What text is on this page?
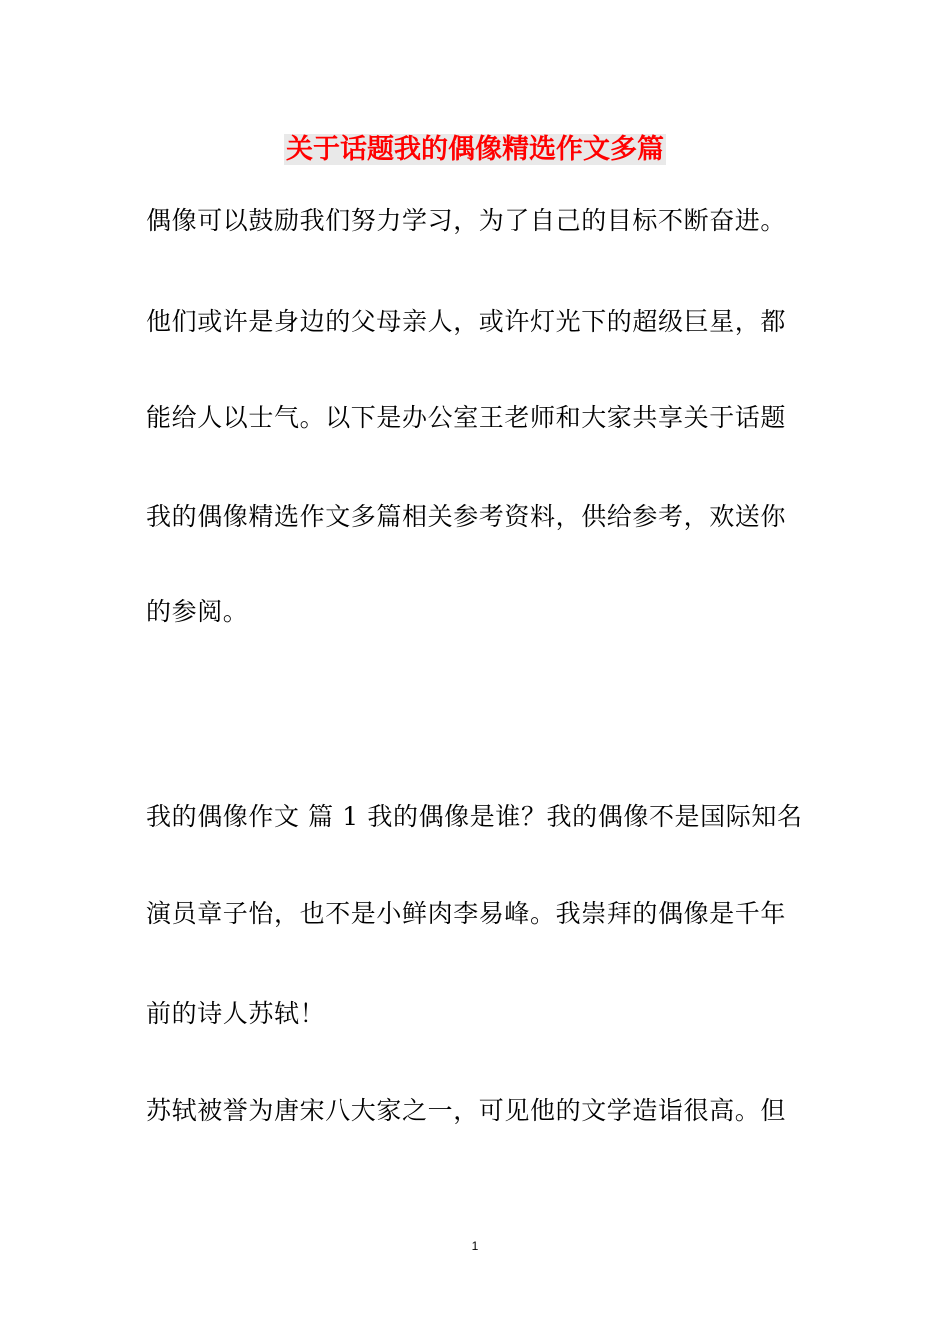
关于话题我的偶像精选作文多篇
偶像可以鼓励我们努力学习，为了自己的目标不断奋进。
他们或许是身边的父母亲人，或许灯光下的超级巨星，都
能给人以士气。以下是办公室王老师和大家共享关于话题
我的偶像精选作文多篇相关参考资料，供给参考，欢送你
的参阅。
我的偶像作文 篇 1 我的偶像是谁？我的偶像不是国际知名
演员章子怡，也不是小鲜肉李易峰。我崇拜的偶像是千年
前的诗人苏轼！
苏轼被誉为唐宋八大家之一，可见他的文学造诣很高。但
1
